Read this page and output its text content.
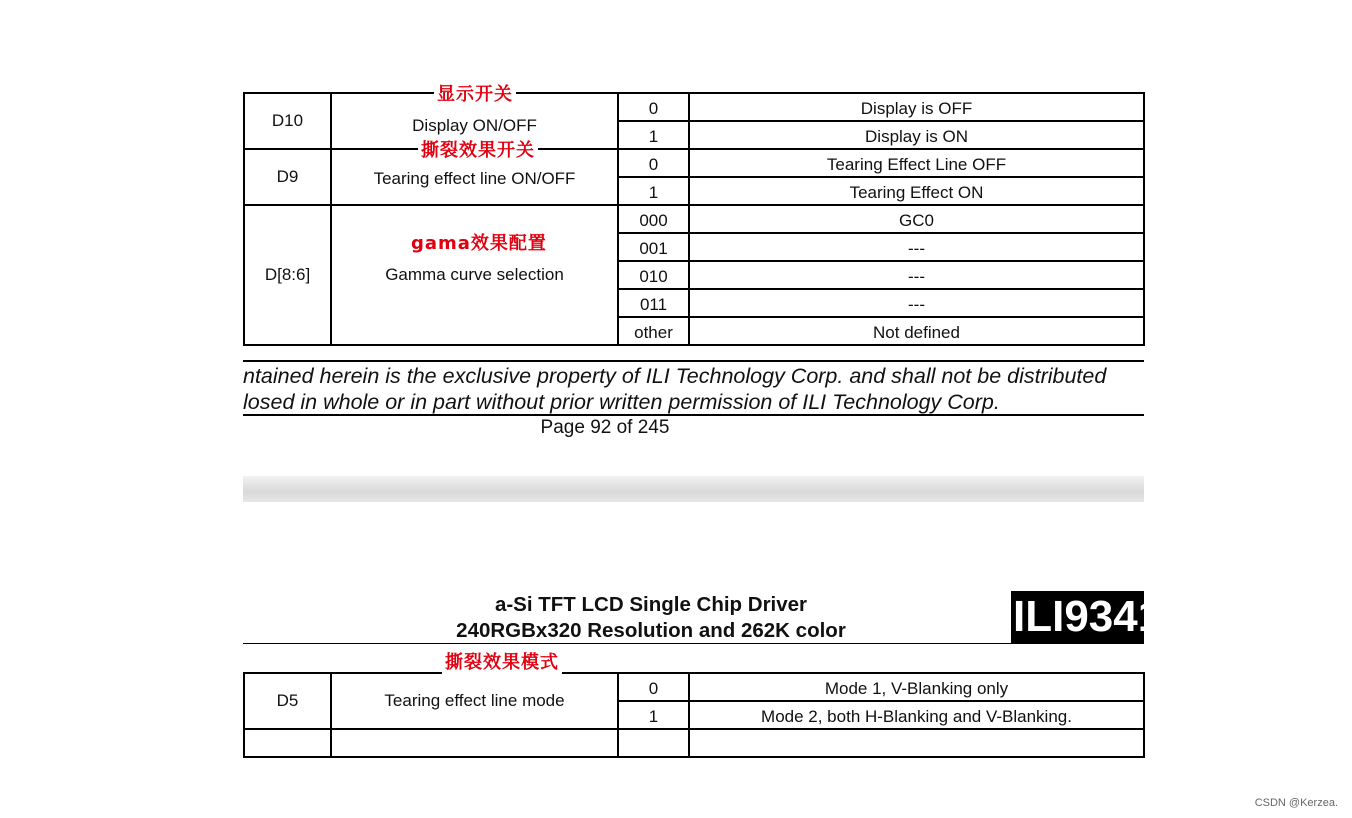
D10	Display ON/OFF	0	Display is OFF
		1	Display is ON
D9	Tearing effect line ON/OFF	0	Tearing Effect Line OFF
		1	Tearing Effect ON
D[8:6]	Gamma curve selection	000	GC0
		001	---
		010	---
		011	---
		other	Not defined
显示开关
撕裂效果开关
gama效果配置
ntained herein is the exclusive property of ILI Technology Corp. and shall not be distributed
losed in whole or in part without prior written permission of ILI Technology Corp.
Page 92 of 245
a-Si TFT LCD Single Chip Driver
240RGBx320 Resolution and 262K color	ILI9341
D5	Tearing effect line mode	0	Mode 1, V-Blanking only
		1	Mode 2, both H-Blanking and V-Blanking.

撕裂效果模式
CSDN @Kerzea.
